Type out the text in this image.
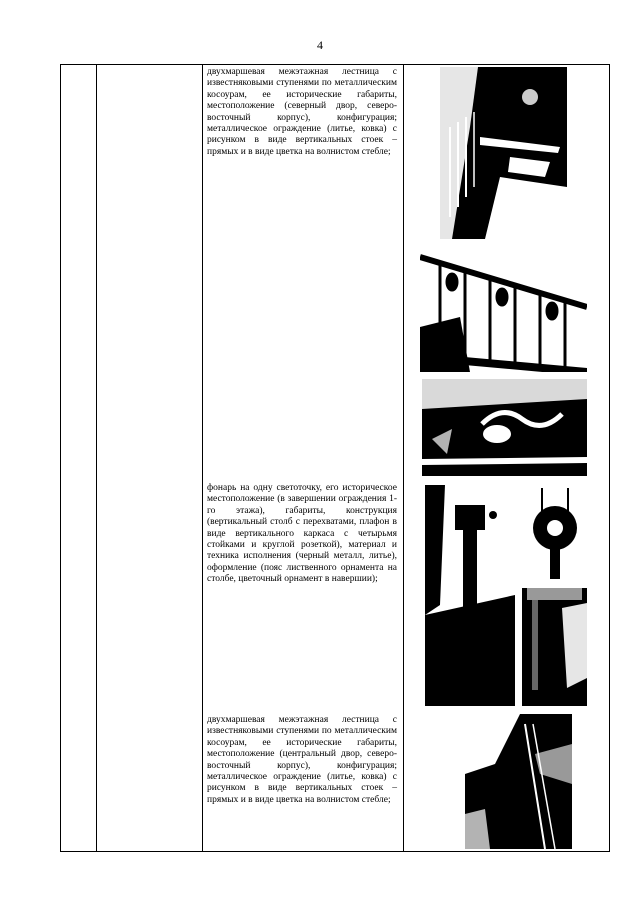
4
двухмаршевая межэтажная лестница с известняковыми ступенями по металлическим косоурам, ее исторические габариты, местоположение (северный двор, северо-восточный корпус), конфигурация; металлическое ограждение (литье, ковка) с рисунком в виде вертикальных стоек – прямых и в виде цветка на волнистом стебле;
фонарь на одну светоточку, его историческое местоположение (в завершении ограждения 1-го этажа), габариты, конструкция (вертикальный столб с перехватами, плафон в виде вертикального каркаса с четырьмя стойками и круглой розеткой), материал и техника исполнения (черный металл, литье), оформление (пояс лиственного орнамента на столбе, цветочный орнамент в навершии);
двухмаршевая межэтажная лестница с известняковыми ступенями по металлическим косоурам, ее исторические габариты, местоположение (центральный двор, северо-восточный корпус), конфигурация; металлическое ограждение (литье, ковка) с рисунком в виде вертикальных стоек – прямых и в виде цветка на волнистом стебле;
